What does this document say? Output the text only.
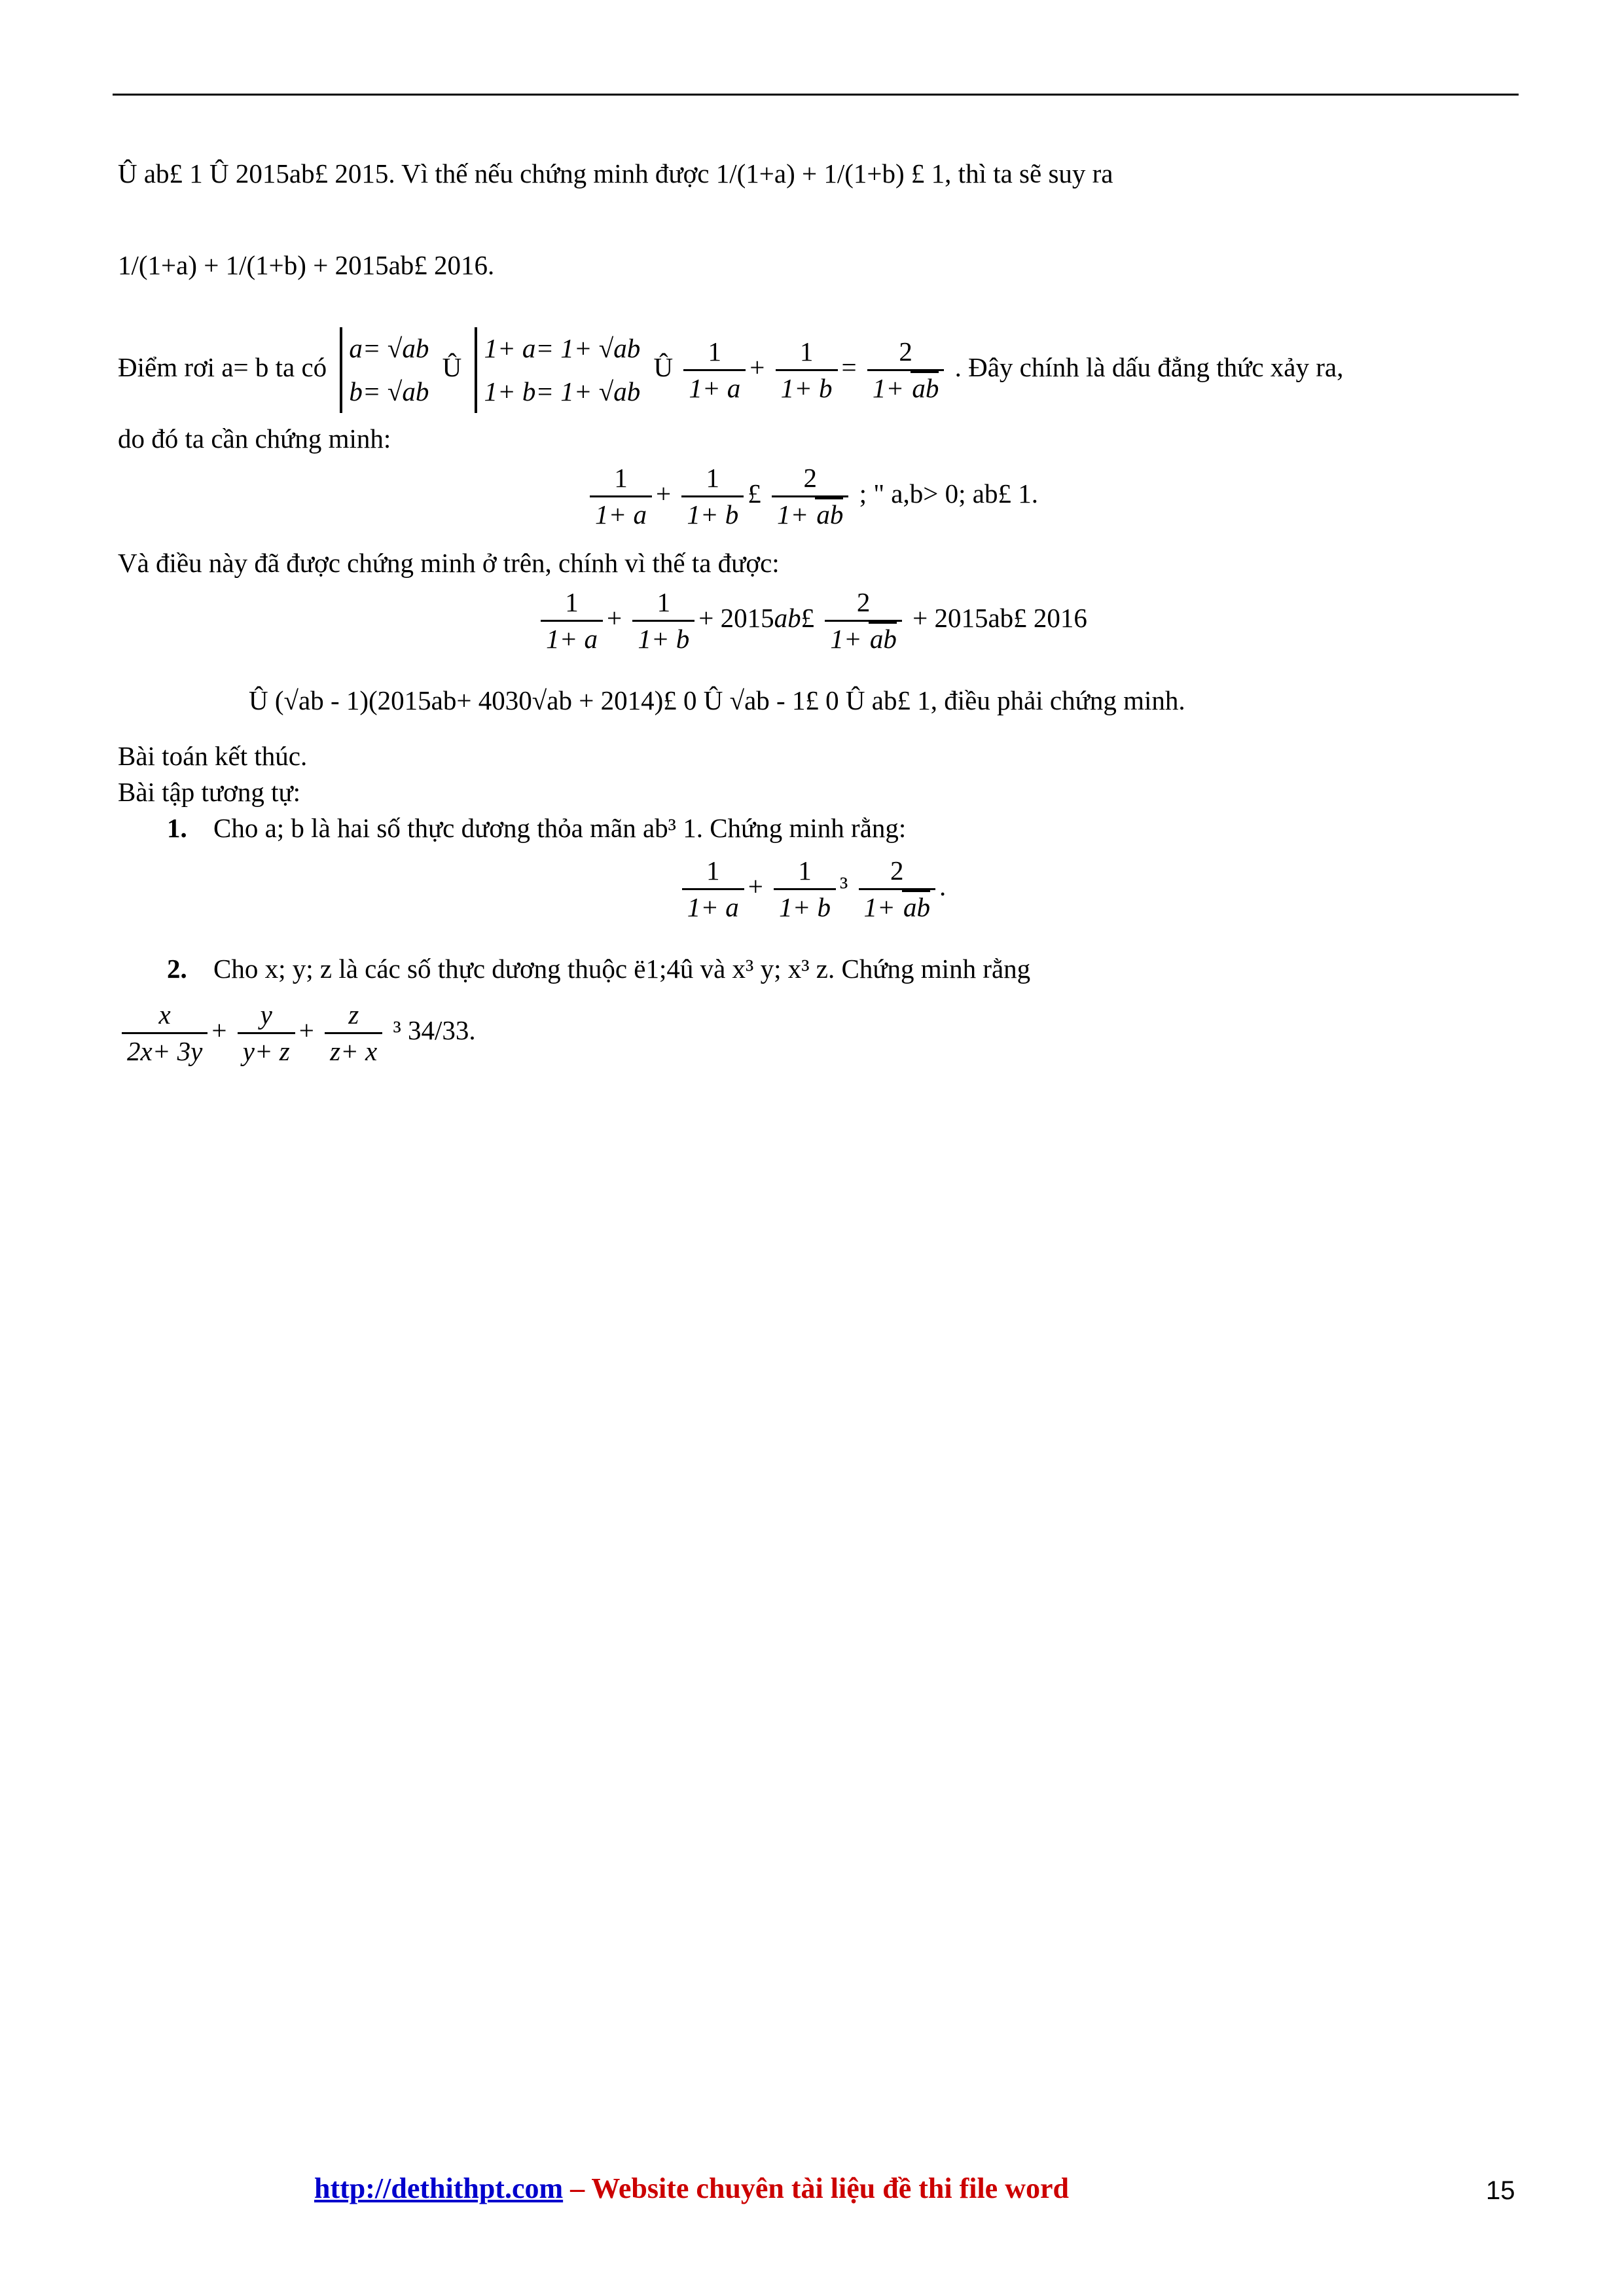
Û ab£ 1 Û 2015ab£ 2015. Vì thế nếu chứng minh được 1/(1+a) + 1/(1+b) £ 1, thì ta sẽ suy ra
1/(1+a) + 1/(1+b) + 2015ab£ 2016.
Điểm rơi a= b ta có
a= √ab
b= √ab
Û
1+ a= 1+ √ab
1+ b= 1+ √ab
Û $\frac{1}{1+ a} + \frac{1}{1+ b} = \frac{2}{1+ ab}$ . Đây chính là dấu đẳng thức xảy ra,
do đó ta cần chứng minh:
$\frac{1}{1+ a} + \frac{1}{1+ b}$ £ $\frac{2}{1+ ab}$ ; " a,b> 0; ab£ 1.
Và điều này đã được chứng minh ở trên, chính vì thế ta được:
$\frac{1}{1+ a} + \frac{1}{1+ b}$ + 2015ab£ $\frac{2}{1+ ab}$ + 2015ab£ 2016
Û (√ab - 1)(2015ab+ 4030√ab + 2014)£ 0 Û √ab - 1£ 0 Û ab£ 1, điều phải chứng minh.
Bài toán kết thúc.
Bài tập tương tự:
1. Cho a; b là hai số thực dương thỏa mãn ab³ 1. Chứng minh rằng:
$\frac{1}{1+ a} + \frac{1}{1+ b} ^3 \frac{2}{1+ ab}$ .
2. Cho x; y; z là các số thực dương thuộc ë1;4û và x³ y; x³ z. Chứng minh rằng
$\frac{x}{2x+ 3y} + \frac{y}{y+ z} + \frac{z}{z+ x} ^3$ 34/33.
http://dethithpt.com – Website chuyên tài liệu đề thi file word	15
